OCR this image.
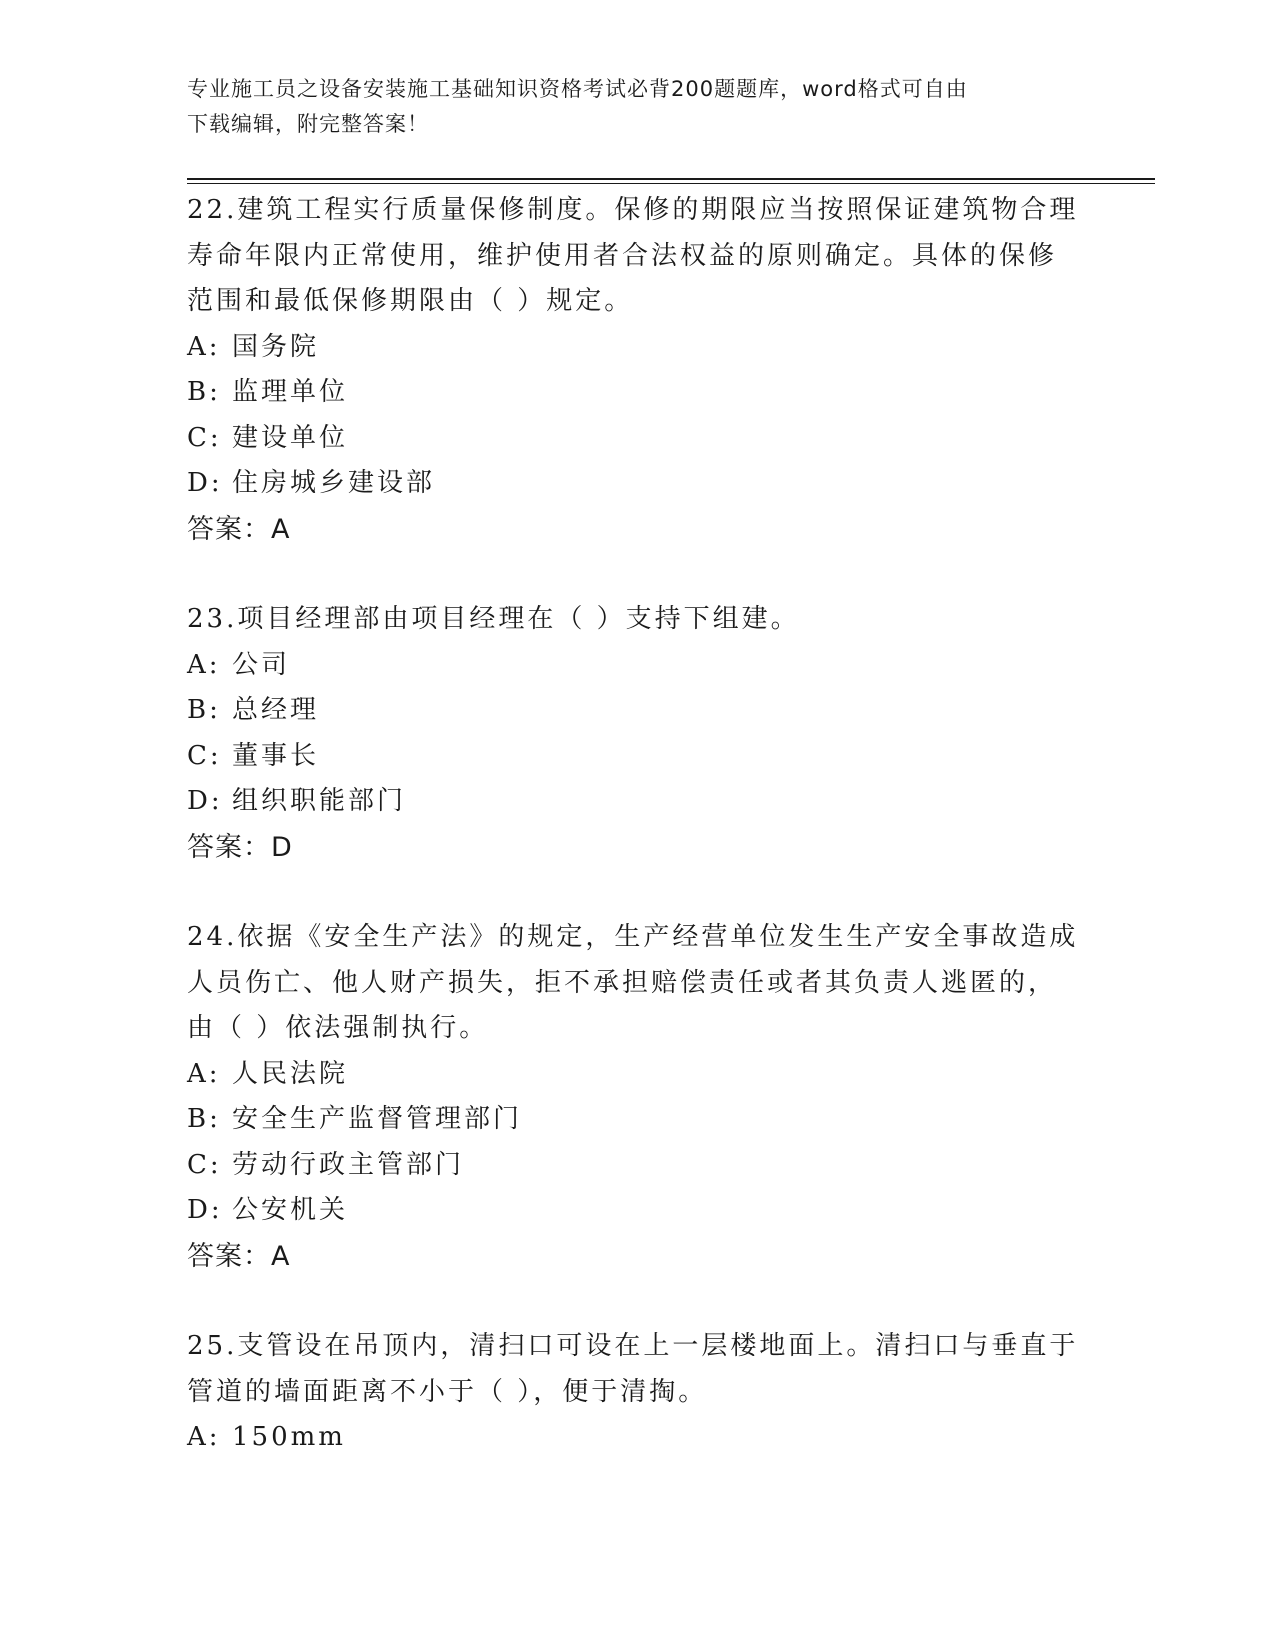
专业施工员之设备安装施工基础知识资格考试必背200题题库，word格式可自由
下载编辑，附完整答案！
22.建筑工程实行质量保修制度。保修的期限应当按照保证建筑物合理
寿命年限内正常使用，维护使用者合法权益的原则确定。具体的保修
范围和最低保修期限由（ ）规定。
A: 国务院
B: 监理单位
C: 建设单位
D: 住房城乡建设部
答案：A
23.项目经理部由项目经理在（ ）支持下组建。
A: 公司
B: 总经理
C: 董事长
D: 组织职能部门
答案：D
24.依据《安全生产法》的规定，生产经营单位发生生产安全事故造成
人员伤亡、他人财产损失，拒不承担赔偿责任或者其负责人逃匿的，
由（ ）依法强制执行。
A: 人民法院
B: 安全生产监督管理部门
C: 劳动行政主管部门
D: 公安机关
答案：A
25.支管设在吊顶内，清扫口可设在上一层楼地面上。清扫口与垂直于
管道的墙面距离不小于（ ），便于清掏。
A: 150mm
